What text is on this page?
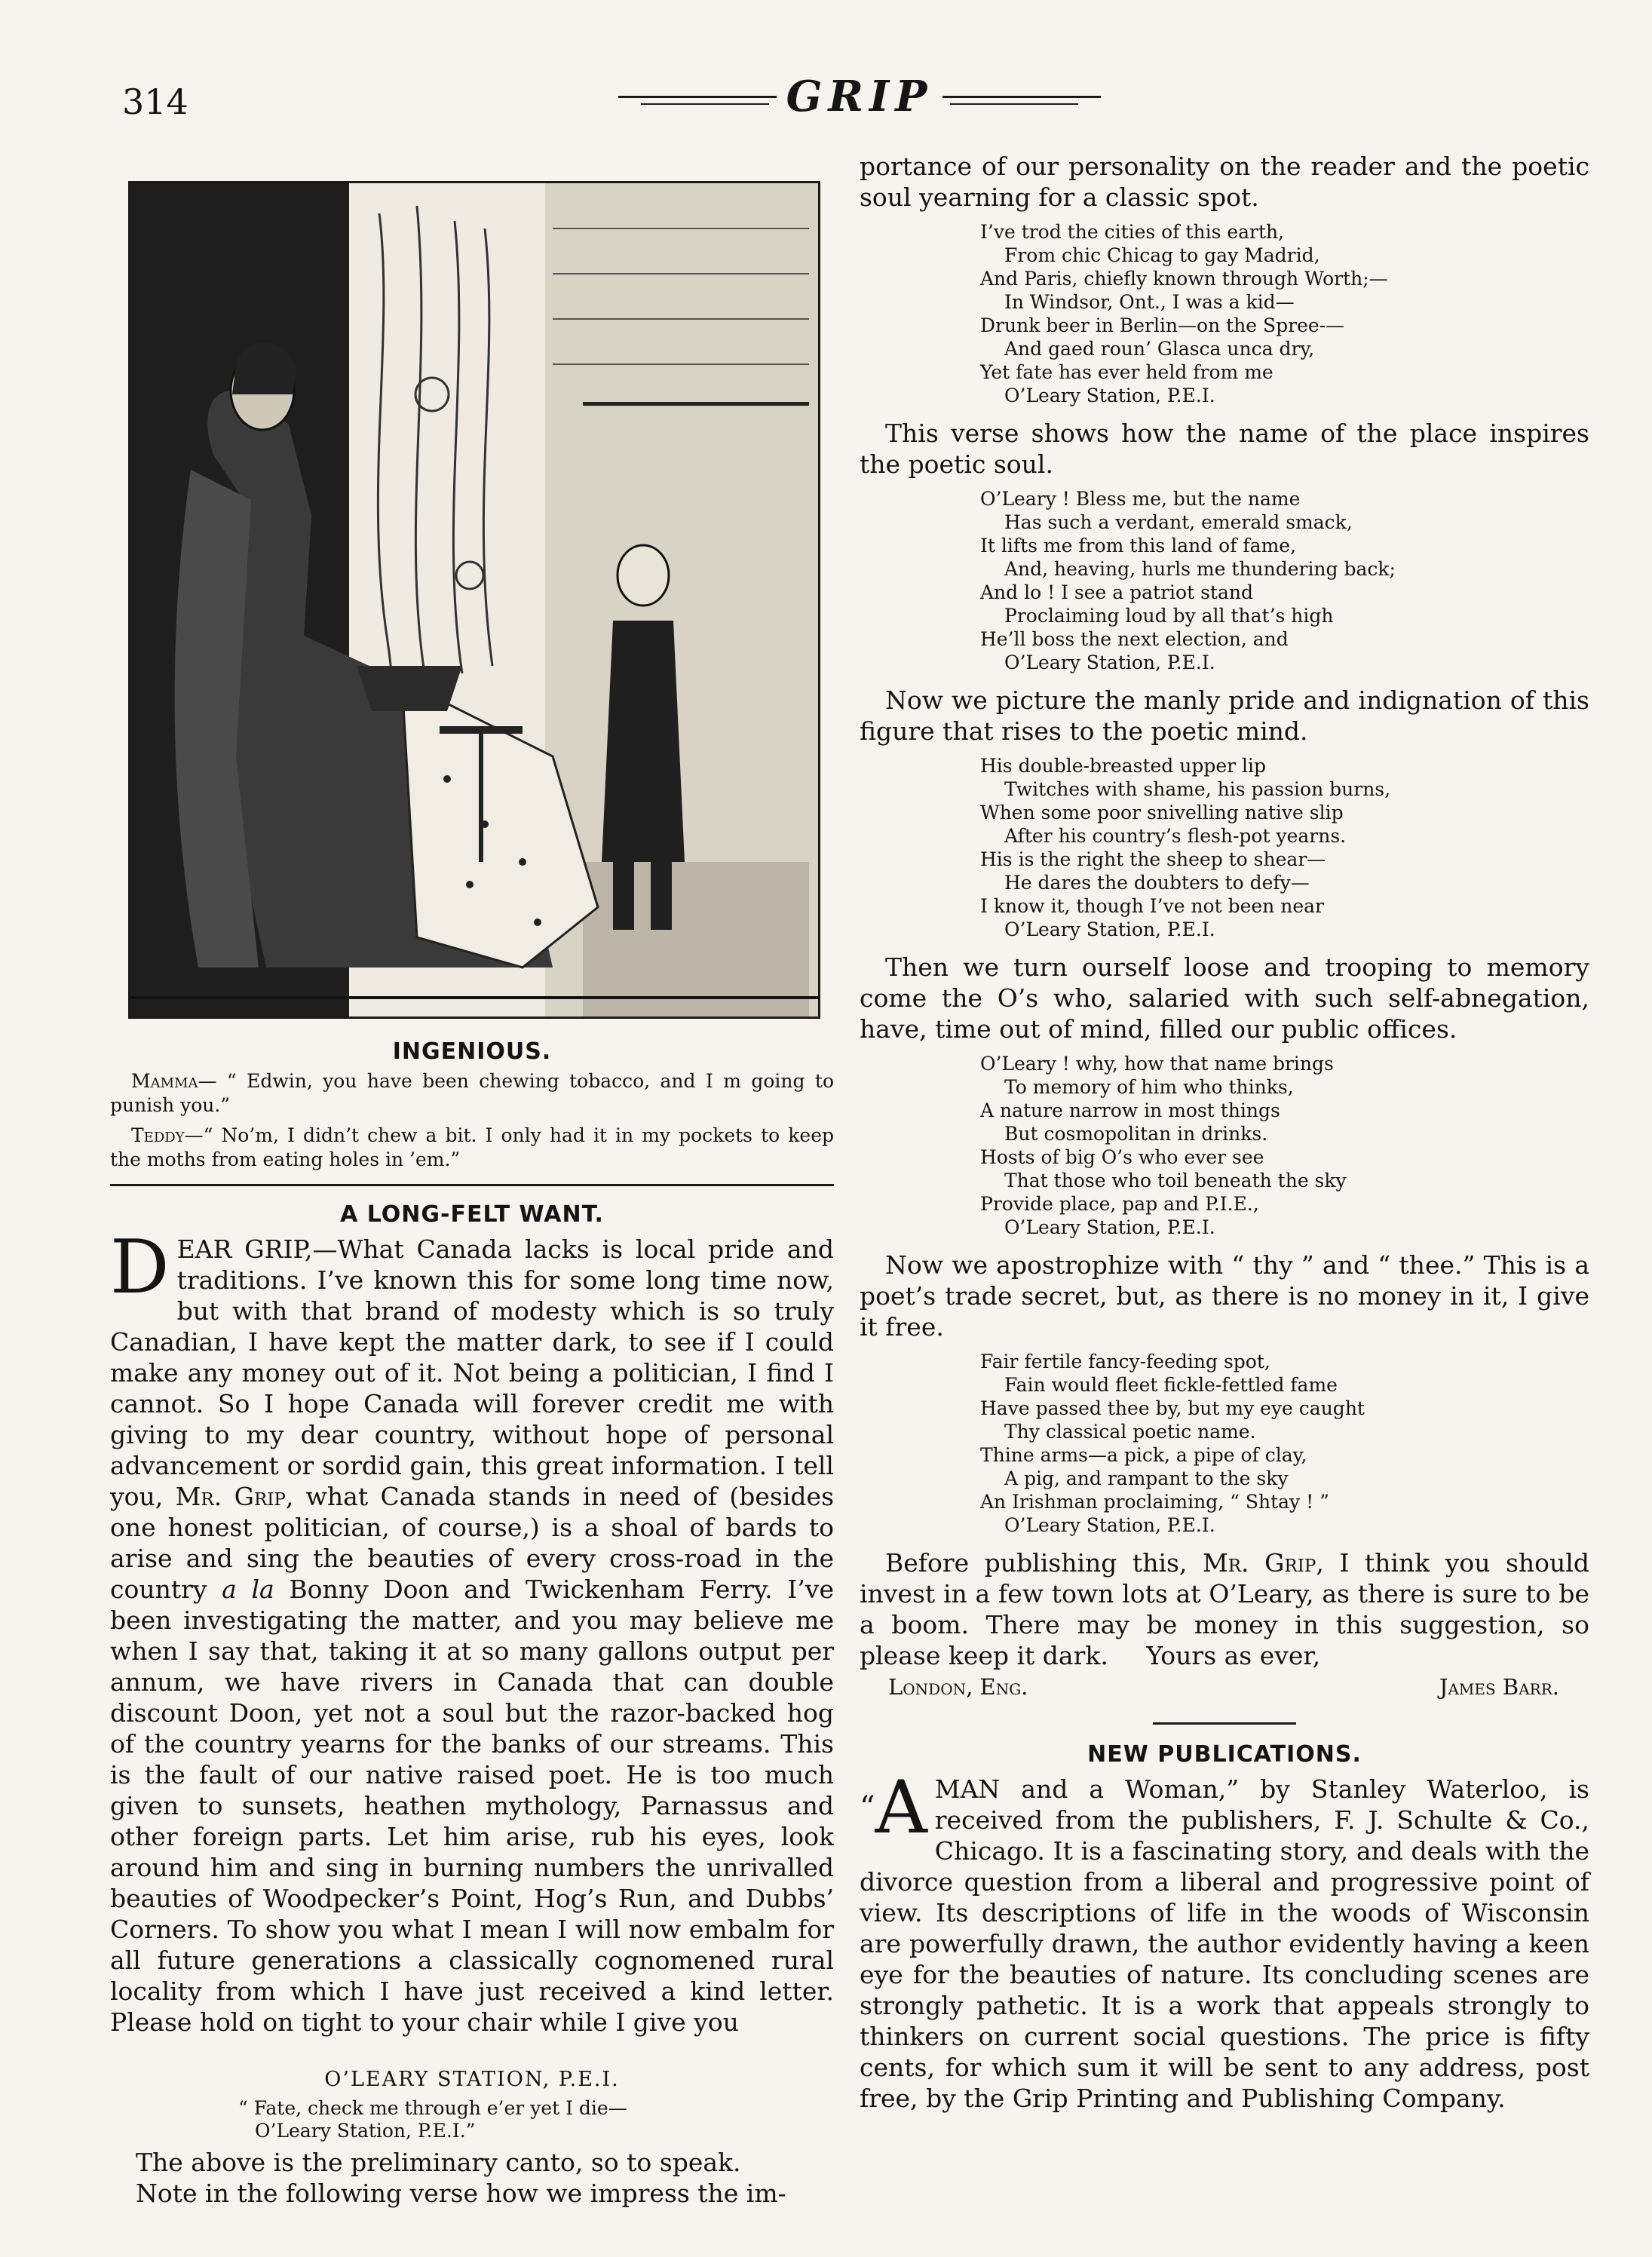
314	GRIP
INGENIOUS.

Mamma— “ Edwin, you have been chewing tobacco, and I m going to punish you.”

Teddy—“ No’m, I didn’t chew a bit. I only had it in my pockets to keep the moths from eating holes in ’em.”

A LONG-FELT WANT.

DEAR GRIP,—What Canada lacks is local pride and traditions. I’ve known this for some long time now, but with that brand of modesty which is so truly Canadian, I have kept the matter dark, to see if I could make any money out of it. Not being a politician, I find I cannot. So I hope Canada will forever credit me with giving to my dear country, without hope of personal advancement or sordid gain, this great information. I tell you, Mr. Grip, what Canada stands in need of (besides one honest politician, of course,) is a shoal of bards to arise and sing the beauties of every cross-road in the country a la Bonny Doon and Twickenham Ferry. I’ve been investigating the matter, and you may believe me when I say that, taking it at so many gallons output per annum, we have rivers in Canada that can double discount Doon, yet not a soul but the razor-backed hog of the country yearns for the banks of our streams. This is the fault of our native raised poet. He is too much given to sunsets, heathen mythology, Parnassus and other foreign parts. Let him arise, rub his eyes, look around him and sing in burning numbers the unrivalled beauties of Woodpecker’s Point, Hog’s Run, and Dubbs’ Corners. To show you what I mean I will now embalm for all future generations a classically cognomened rural locality from which I have just received a kind letter. Please hold on tight to your chair while I give you

O’LEARY STATION, P.E.I.
“ Fate, check me through e’er yet I die—
O’Leary Station, P.E.I.”

The above is the preliminary canto, so to speak.

Note in the following verse how we impress the im-

portance of our personality on the reader and the poetic soul yearning for a classic spot.

I’ve trod the cities of this earth,
From chic Chicag to gay Madrid,
And Paris, chiefly known through Worth;—
In Windsor, Ont., I was a kid—
Drunk beer in Berlin—on the Spree-—
And gaed roun’ Glasca unca dry,
Yet fate has ever held from me
O’Leary Station, P.E.I.

This verse shows how the name of the place inspires the poetic soul.

O’Leary ! Bless me, but the name
Has such a verdant, emerald smack,
It lifts me from this land of fame,
And, heaving, hurls me thundering back;
And lo ! I see a patriot stand
Proclaiming loud by all that’s high
He’ll boss the next election, and
O’Leary Station, P.E.I.

Now we picture the manly pride and indignation of this figure that rises to the poetic mind.

His double-breasted upper lip
Twitches with shame, his passion burns,
When some poor snivelling native slip
After his country’s flesh-pot yearns.
His is the right the sheep to shear—
He dares the doubters to defy—
I know it, though I’ve not been near
O’Leary Station, P.E.I.

Then we turn ourself loose and trooping to memory come the O’s who, salaried with such self-abnegation, have, time out of mind, filled our public offices.

O’Leary ! why, how that name brings
To memory of him who thinks,
A nature narrow in most things
But cosmopolitan in drinks.
Hosts of big O’s who ever see
That those who toil beneath the sky
Provide place, pap and P.I.E.,
O’Leary Station, P.E.I.

Now we apostrophize with “ thy ” and “ thee.” This is a poet’s trade secret, but, as there is no money in it, I give it free.

Fair fertile fancy-feeding spot,
Fain would fleet fickle-fettled fame
Have passed thee by, but my eye caught
Thy classical poetic name.
Thine arms—a pick, a pipe of clay,
A pig, and rampant to the sky
An Irishman proclaiming, “ Shtay ! ”
O’Leary Station, P.E.I.

Before publishing this, Mr. Grip, I think you should invest in a few town lots at O’Leary, as there is sure to be a boom. There may be money in this suggestion, so please keep it dark. Yours as ever,

London, Eng.	James Barr.
NEW PUBLICATIONS.

“A MAN and a Woman,” by Stanley Waterloo, is received from the publishers, F. J. Schulte & Co., Chicago. It is a fascinating story, and deals with the divorce question from a liberal and progressive point of view. Its descriptions of life in the woods of Wisconsin are powerfully drawn, the author evidently having a keen eye for the beauties of nature. Its concluding scenes are strongly pathetic. It is a work that appeals strongly to thinkers on current social questions. The price is fifty cents, for which sum it will be sent to any address, post free, by the Grip Printing and Publishing Company.
